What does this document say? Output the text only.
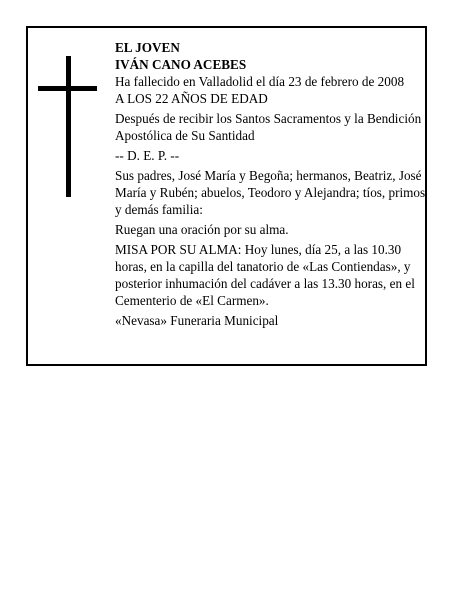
EL JOVEN
IVÁN CANO ACEBES
Ha fallecido en Valladolid el día 23 de febrero de 2008
A LOS 22 AÑOS DE EDAD
Después de recibir los Santos Sacramentos y la Bendición Apostólica de Su Santidad
-- D. E. P. --
Sus padres, José María y Begoña; hermanos, Beatriz, José María y Rubén; abuelos, Teodoro y Alejandra; tíos, primos y demás familia:
Ruegan una oración por su alma.
MISA POR SU ALMA: Hoy lunes, día 25, a las 10.30 horas, en la capilla del tanatorio de «Las Contiendas», y posterior inhumación del cadáver a las 13.30 horas, en el Cementerio de «El Carmen».
«Nevasa» Funeraria Municipal
